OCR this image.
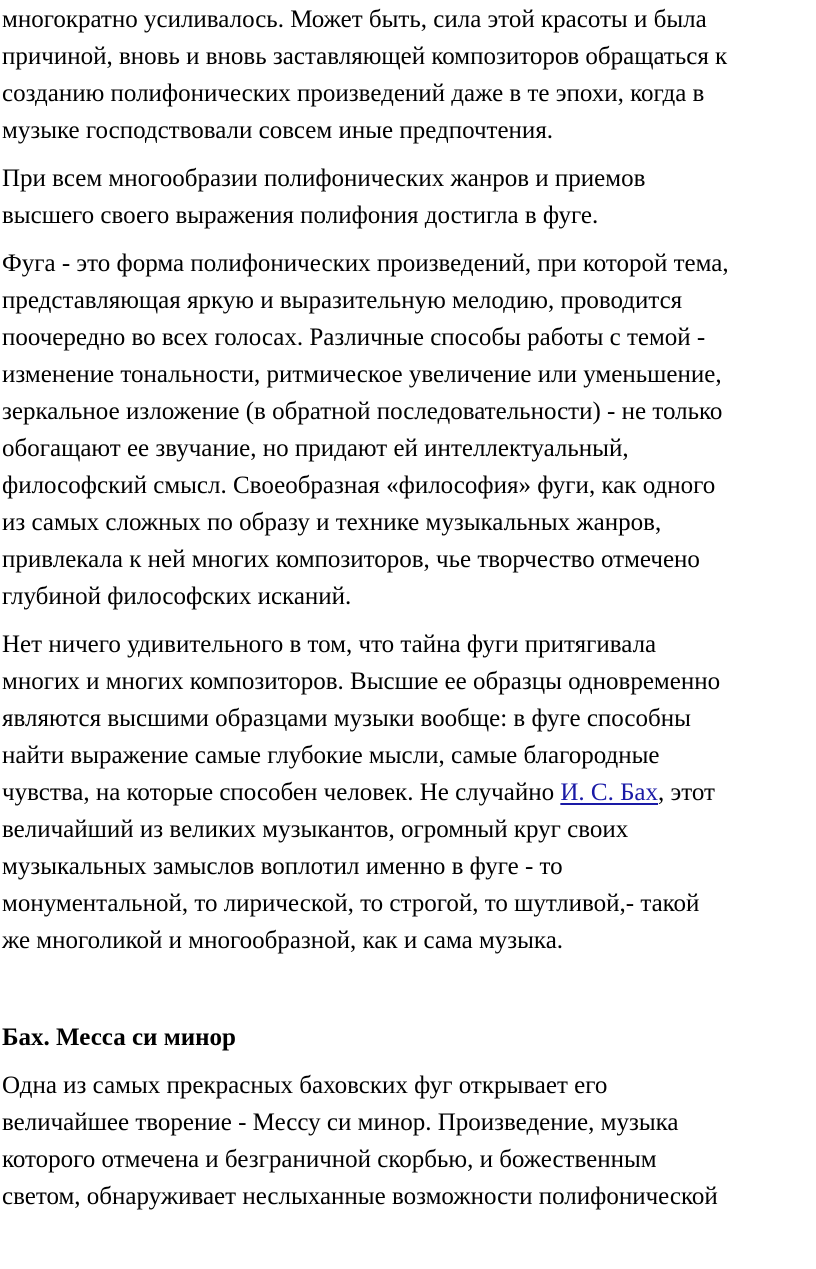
многократно усиливалось. Может быть, сила этой красоты и была
причиной, вновь и вновь заставляющей композиторов обращаться к
созданию полифонических произведений даже в те эпохи, когда в
музыке господствовали совсем иные предпочтения.

При всем многообразии полифонических жанров и приемов
высшего своего выражения полифония достигла в фуге.

Фуга - это форма полифонических произведений, при которой тема,
представляющая яркую и выразительную мелодию, проводится
поочередно во всех голосах. Различные способы работы с темой -
изменение тональности, ритмическое увеличение или уменьшение,
зеркальное изложение (в обратной последовательности) - не только
обогащают ее звучание, но придают ей интеллектуальный,
философский смысл. Своеобразная «философия» фуги, как одного
из самых сложных по образу и технике музыкальных жанров,
привлекала к ней многих композиторов, чье творчество отмечено
глубиной философских исканий.

Нет ничего удивительного в том, что тайна фуги притягивала
многих и многих композиторов. Высшие ее образцы одновременно
являются высшими образцами музыки вообще: в фуге способны
найти выражение самые глубокие мысли, самые благородные
чувства, на которые способен человек. Не случайно И. С. Бах, этот
величайший из великих музыкантов, огромный круг своих
музыкальных замыслов воплотил именно в фуге - то
монументальной, то лирической, то строгой, то шутливой,- такой
же многоликой и многообразной, как и сама музыка.

Бах. Месса си минор

Одна из самых прекрасных баховских фуг открывает его
величайшее творение - Мессу си минор. Произведение, музыка
которого отмечена и безграничной скорбью, и божественным
светом, обнаруживает неслыханные возможности полифонической
